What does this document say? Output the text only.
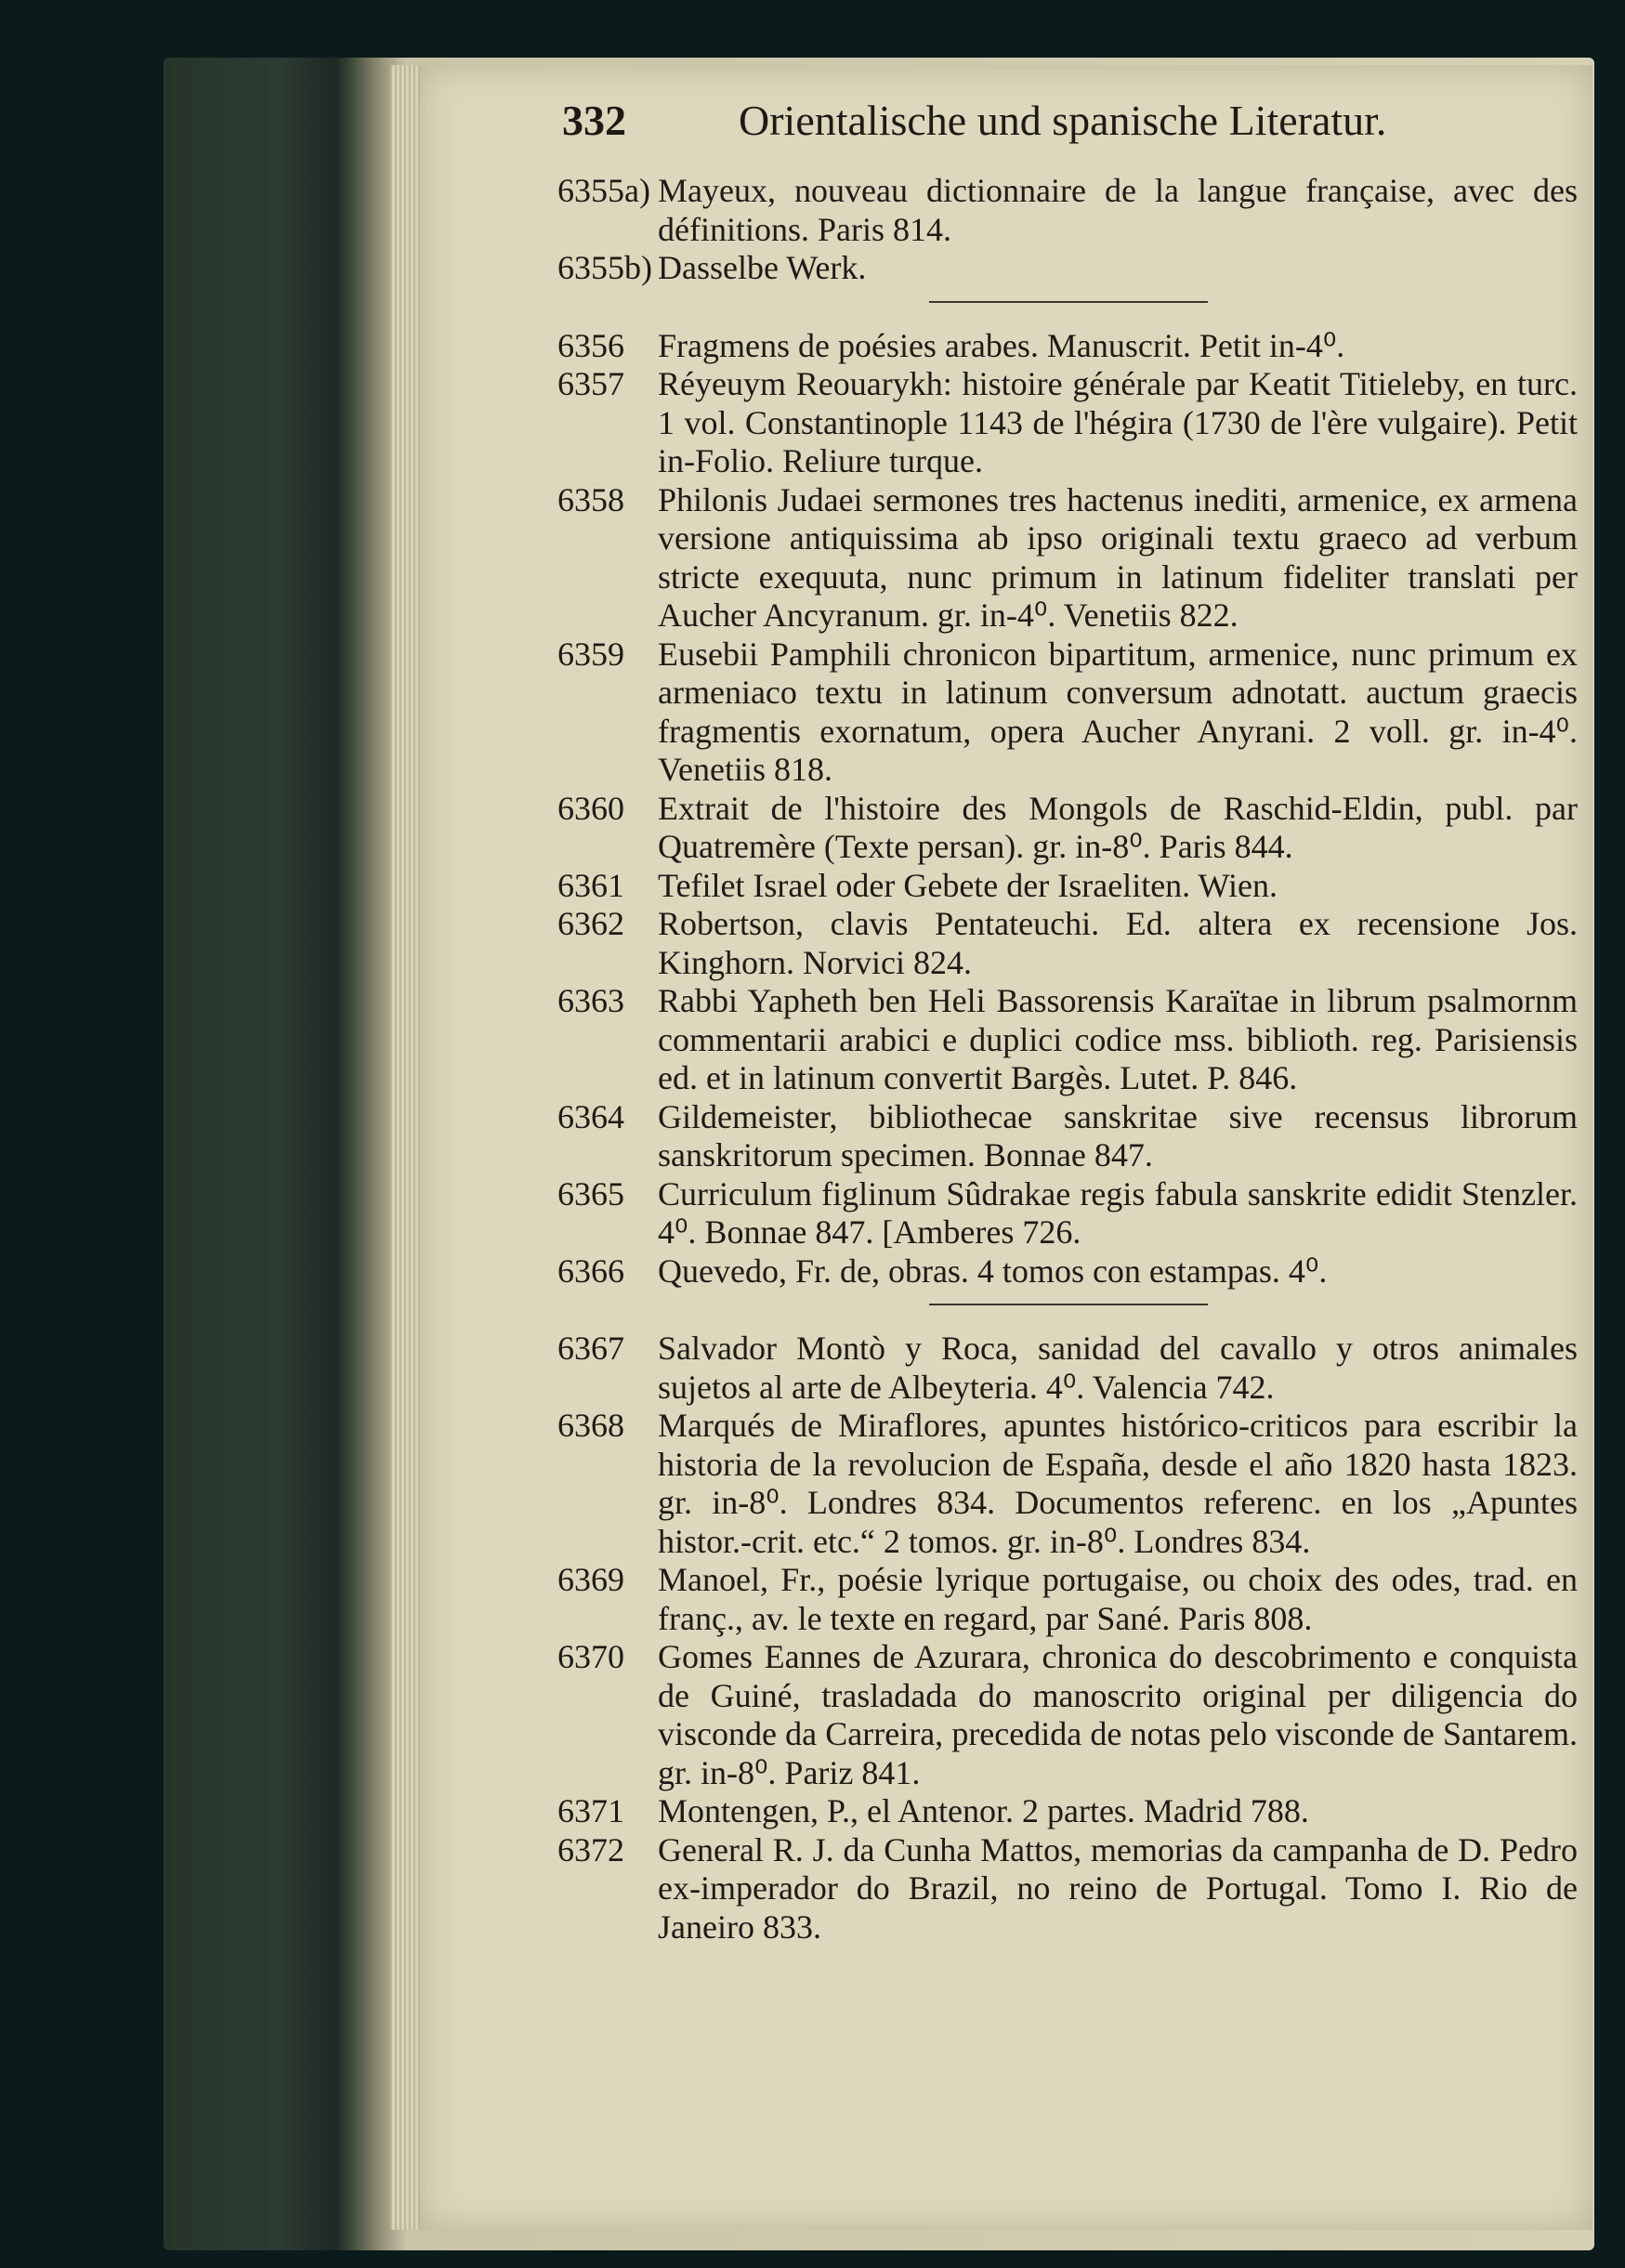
332	Orientalische und spanische Literatur.
6355a) Mayeux, nouveau dictionnaire de la langue française, avec des définitions. Paris 814.
6355b) Dasselbe Werk.
6356	Fragmens de poésies arabes. Manuscrit. Petit in-4⁰.
6357	Réyeuym Reouarykh: histoire générale par Keatit Titieleby, en turc. 1 vol. Constantinople 1143 de l'hégira (1730 de l'ère vulgaire). Petit in-Folio. Reliure turque.
6358	Philonis Judaei sermones tres hactenus inediti, armenice, ex armena versione antiquissima ab ipso originali textu graeco ad verbum stricte exequuta, nunc primum in latinum fideliter translati per Aucher Ancyranum. gr. in-4⁰. Venetiis 822.
6359	Eusebii Pamphili chronicon bipartitum, armenice, nunc primum ex armeniaco textu in latinum conversum adnotatt. auctum graecis fragmentis exornatum, opera Aucher Anyrani. 2 voll. gr. in-4⁰. Venetiis 818.
6360	Extrait de l'histoire des Mongols de Raschid-Eldin, publ. par Quatremère (Texte persan). gr. in-8⁰. Paris 844.
6361	Tefilet Israel oder Gebete der Israeliten. Wien.
6362	Robertson, clavis Pentateuchi. Ed. altera ex recensione Jos. Kinghorn. Norvici 824.
6363	Rabbi Yapheth ben Heli Bassorensis Karaïtae in librum psalmornm commentarii arabici e duplici codice mss. biblioth. reg. Parisiensis ed. et in latinum convertit Bargès. Lutet. P. 846.
6364	Gildemeister, bibliothecae sanskritae sive recensus librorum sanskritorum specimen. Bonnae 847.
6365	Curriculum figlinum Sûdrakae regis fabula sanskrite edidit Stenzler. 4⁰. Bonnae 847. [Amberes 726.
6366	Quevedo, Fr. de, obras. 4 tomos con estampas. 4⁰.
6367	Salvador Montò y Roca, sanidad del cavallo y otros animales sujetos al arte de Albeyteria. 4⁰. Valencia 742.
6368	Marqués de Miraflores, apuntes histórico-criticos para escribir la historia de la revolucion de España, desde el año 1820 hasta 1823. gr. in-8⁰. Londres 834. Documentos referenc. en los „Apuntes histor.-crit. etc.“ 2 tomos. gr. in-8⁰. Londres 834.
6369	Manoel, Fr., poésie lyrique portugaise, ou choix des odes, trad. en franç., av. le texte en regard, par Sané. Paris 808.
6370	Gomes Eannes de Azurara, chronica do descobrimento e conquista de Guiné, trasladada do manoscrito original per diligencia do visconde da Carreira, precedida de notas pelo visconde de Santarem. gr. in-8⁰. Pariz 841.
6371	Montengen, P., el Antenor. 2 partes. Madrid 788.
6372	General R. J. da Cunha Mattos, memorias da campanha de D. Pedro ex-imperador do Brazil, no reino de Portugal. Tomo I. Rio de Janeiro 833.
